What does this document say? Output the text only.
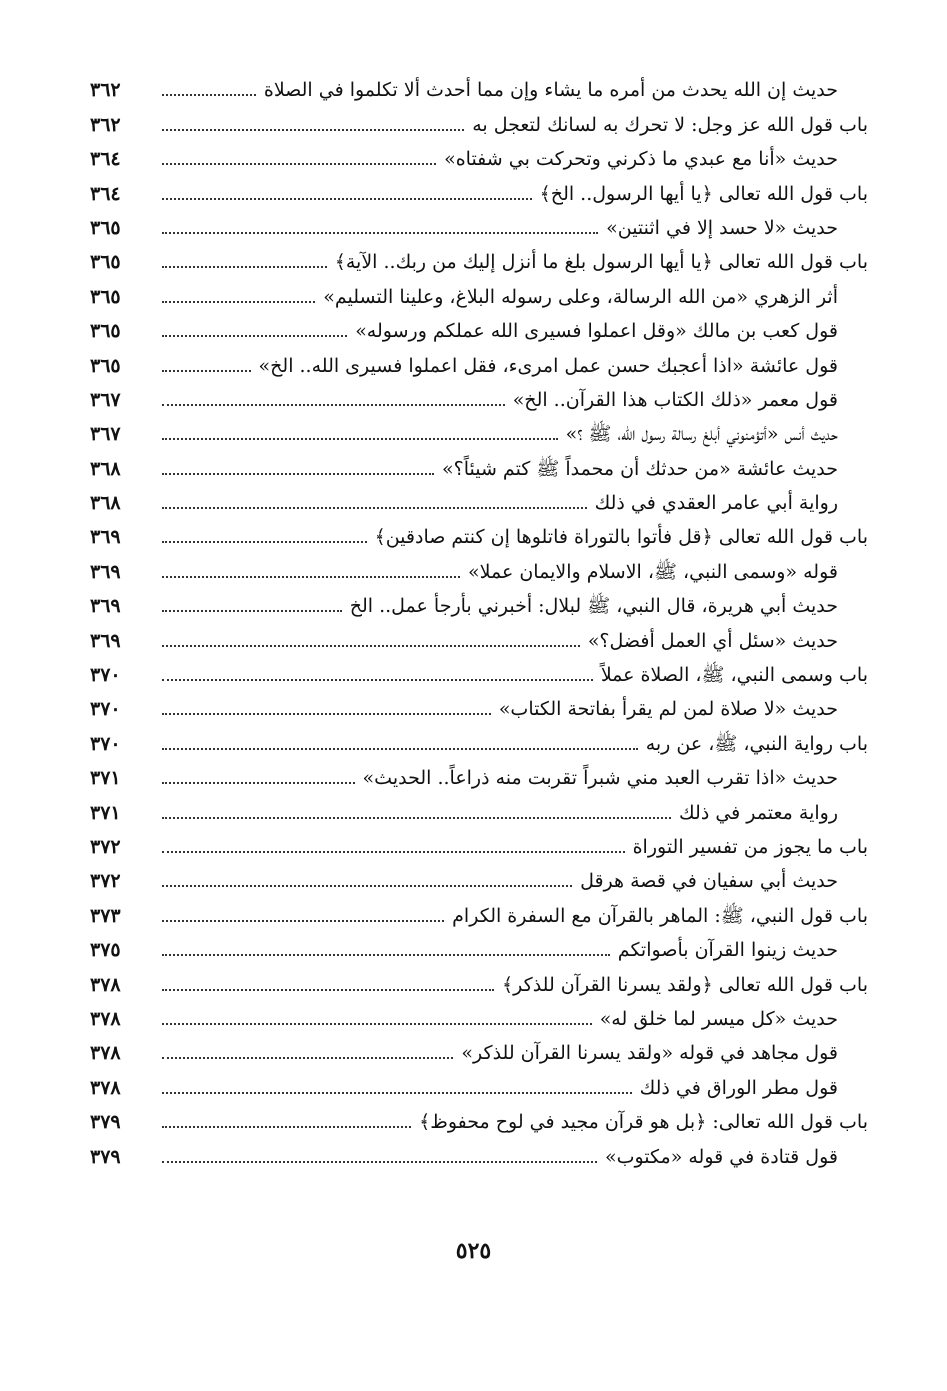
حديث إن الله يحدث من أمره ما يشاء وإن مما أحدث ألا تكلموا في الصلاة
٣٦٢
باب قول الله عز وجل: لا تحرك به لسانك لتعجل به
٣٦٢
حديث «أنا مع عبدي ما ذكرني وتحركت بي شفتاه»
٣٦٤
باب قول الله تعالى ﴿يا أيها الرسول.. الخ﴾
٣٦٤
حديث «لا حسد إلا في اثنتين»
٣٦٥
باب قول الله تعالى ﴿يا أيها الرسول بلغ ما أنزل إليك من ربك.. الآية﴾
٣٦٥
أثر الزهري «من الله الرسالة، وعلى رسوله البلاغ، وعلينا التسليم»
٣٦٥
قول كعب بن مالك «وقل اعملوا فسيرى الله عملكم ورسوله»
٣٦٥
قول عائشة «اذا أعجبك حسن عمل امرىء، فقل اعملوا فسيرى الله.. الخ»
٣٦٥
قول معمر «ذلك الكتاب هذا القرآن.. الخ»
٣٦٧
حديث أنس «أتؤمنوني أبلغ رسالة رسول الله، ﷺ ؟»
٣٦٧
حديث عائشة «من حدثك أن محمداً ﷺ كتم شيئاً؟»
٣٦٨
رواية أبي عامر العقدي في ذلك
٣٦٨
باب قول الله تعالى ﴿قل فأتوا بالتوراة فاتلوها إن كنتم صادقين﴾
٣٦٩
قوله «وسمى النبي، ﷺ، الاسلام والايمان عملا»
٣٦٩
حديث أبي هريرة، قال النبي، ﷺ لبلال: أخبرني بأرجأ عمل.. الخ
٣٦٩
حديث «سئل أي العمل أفضل؟»
٣٦٩
باب وسمى النبي، ﷺ، الصلاة عملاً
٣٧٠
حديث «لا صلاة لمن لم يقرأ بفاتحة الكتاب»
٣٧٠
باب رواية النبي، ﷺ، عن ربه
٣٧٠
حديث «اذا تقرب العبد مني شبراً تقربت منه ذراعاً.. الحديث»
٣٧١
رواية معتمر في ذلك
٣٧١
باب ما يجوز من تفسير التوراة
٣٧٢
حديث أبي سفيان في قصة هرقل
٣٧٢
باب قول النبي، ﷺ: الماهر بالقرآن مع السفرة الكرام
٣٧٣
حديث زينوا القرآن بأصواتكم
٣٧٥
باب قول الله تعالى ﴿ولقد يسرنا القرآن للذكر﴾
٣٧٨
حديث «كل ميسر لما خلق له»
٣٧٨
قول مجاهد في قوله «ولقد يسرنا القرآن للذكر»
٣٧٨
قول مطر الوراق في ذلك
٣٧٨
باب قول الله تعالى: ﴿بل هو قرآن مجيد في لوح محفوظ﴾
٣٧٩
قول قتادة في قوله «مكتوب»
٣٧٩
٥٢٥
